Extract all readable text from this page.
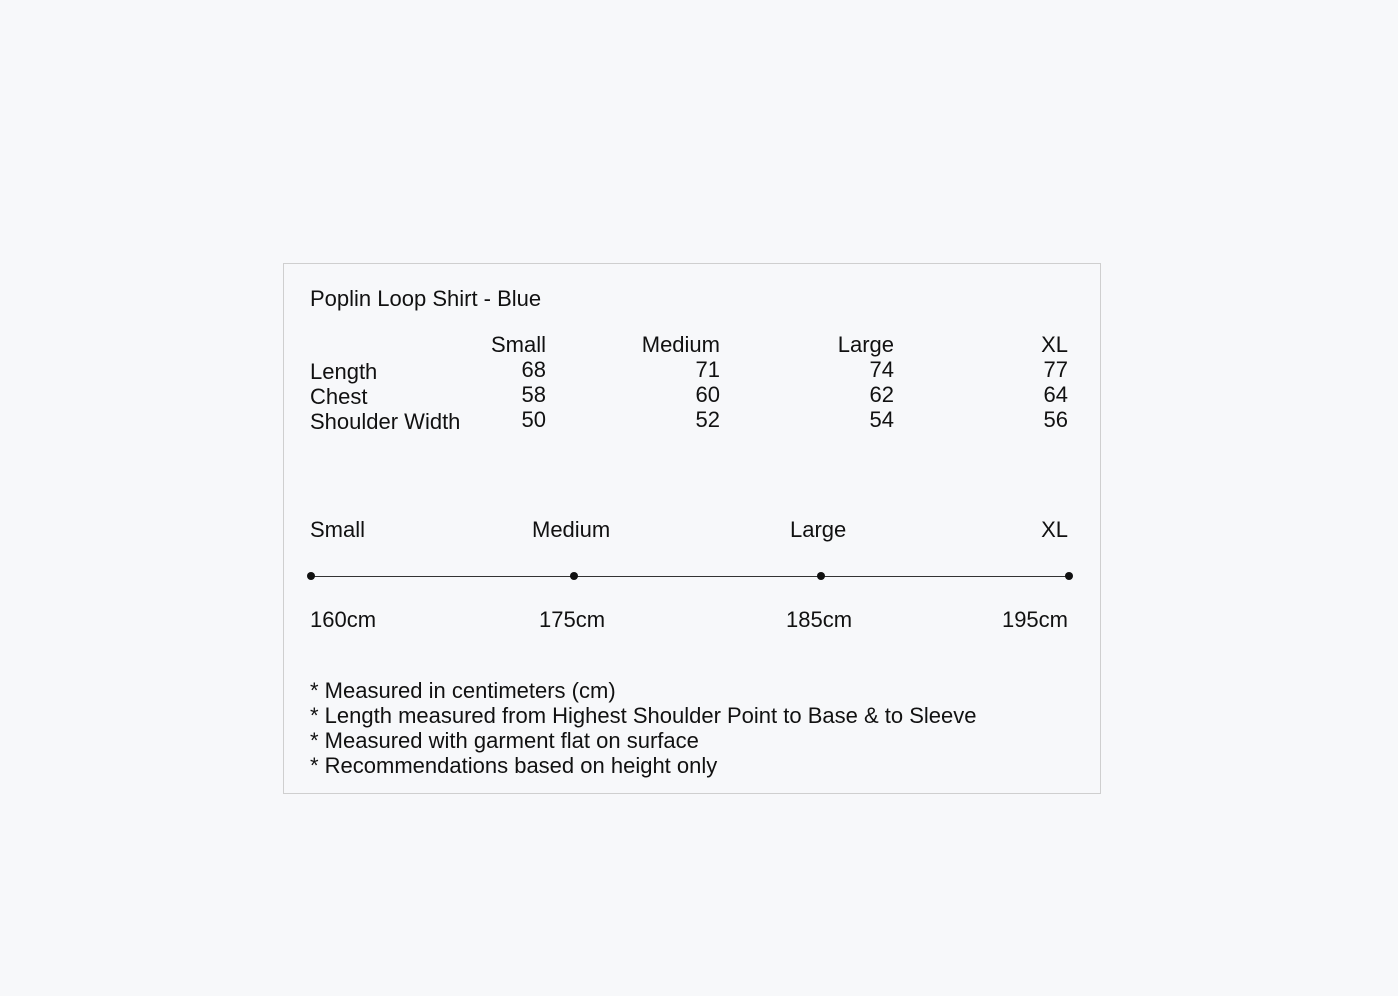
Poplin Loop Shirt - Blue
Small	Medium	Large	XL
Length	68	71	74	77
Chest	58	60	62	64
Shoulder Width	50	52	54	56
Small	Medium	Large	XL
160cm	175cm	185cm	195cm
* Measured in centimeters (cm)
* Length measured from Highest Shoulder Point to Base & to Sleeve
* Measured with garment flat on surface
* Recommendations based on height only
